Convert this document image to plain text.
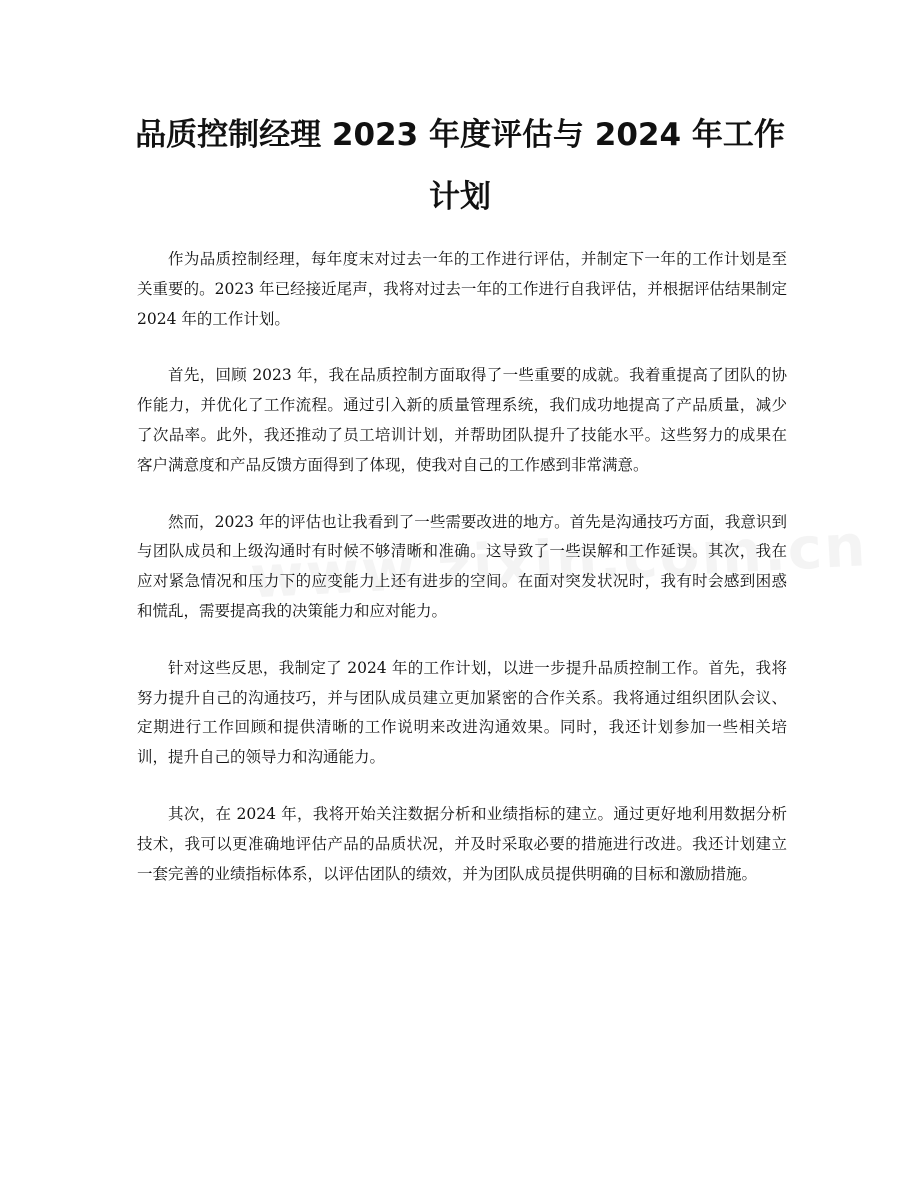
品质控制经理 2023 年度评估与 2024 年工作计划

作为品质控制经理，每年度末对过去一年的工作进行评估，并制定下一年的工作计划是至关重要的。2023 年已经接近尾声，我将对过去一年的工作进行自我评估，并根据评估结果制定 2024 年的工作计划。

首先，回顾 2023 年，我在品质控制方面取得了一些重要的成就。我着重提高了团队的协作能力，并优化了工作流程。通过引入新的质量管理系统，我们成功地提高了产品质量，减少了次品率。此外，我还推动了员工培训计划，并帮助团队提升了技能水平。这些努力的成果在客户满意度和产品反馈方面得到了体现，使我对自己的工作感到非常满意。

然而，2023 年的评估也让我看到了一些需要改进的地方。首先是沟通技巧方面，我意识到与团队成员和上级沟通时有时候不够清晰和准确。这导致了一些误解和工作延误。其次，我在应对紧急情况和压力下的应变能力上还有进步的空间。在面对突发状况时，我有时会感到困惑和慌乱，需要提高我的决策能力和应对能力。

针对这些反思，我制定了 2024 年的工作计划，以进一步提升品质控制工作。首先，我将努力提升自己的沟通技巧，并与团队成员建立更加紧密的合作关系。我将通过组织团队会议、定期进行工作回顾和提供清晰的工作说明来改进沟通效果。同时，我还计划参加一些相关培训，提升自己的领导力和沟通能力。

其次，在 2024 年，我将开始关注数据分析和业绩指标的建立。通过更好地利用数据分析技术，我可以更准确地评估产品的品质状况，并及时采取必要的措施进行改进。我还计划建立一套完善的业绩指标体系，以评估团队的绩效，并为团队成员提供明确的目标和激励措施。
